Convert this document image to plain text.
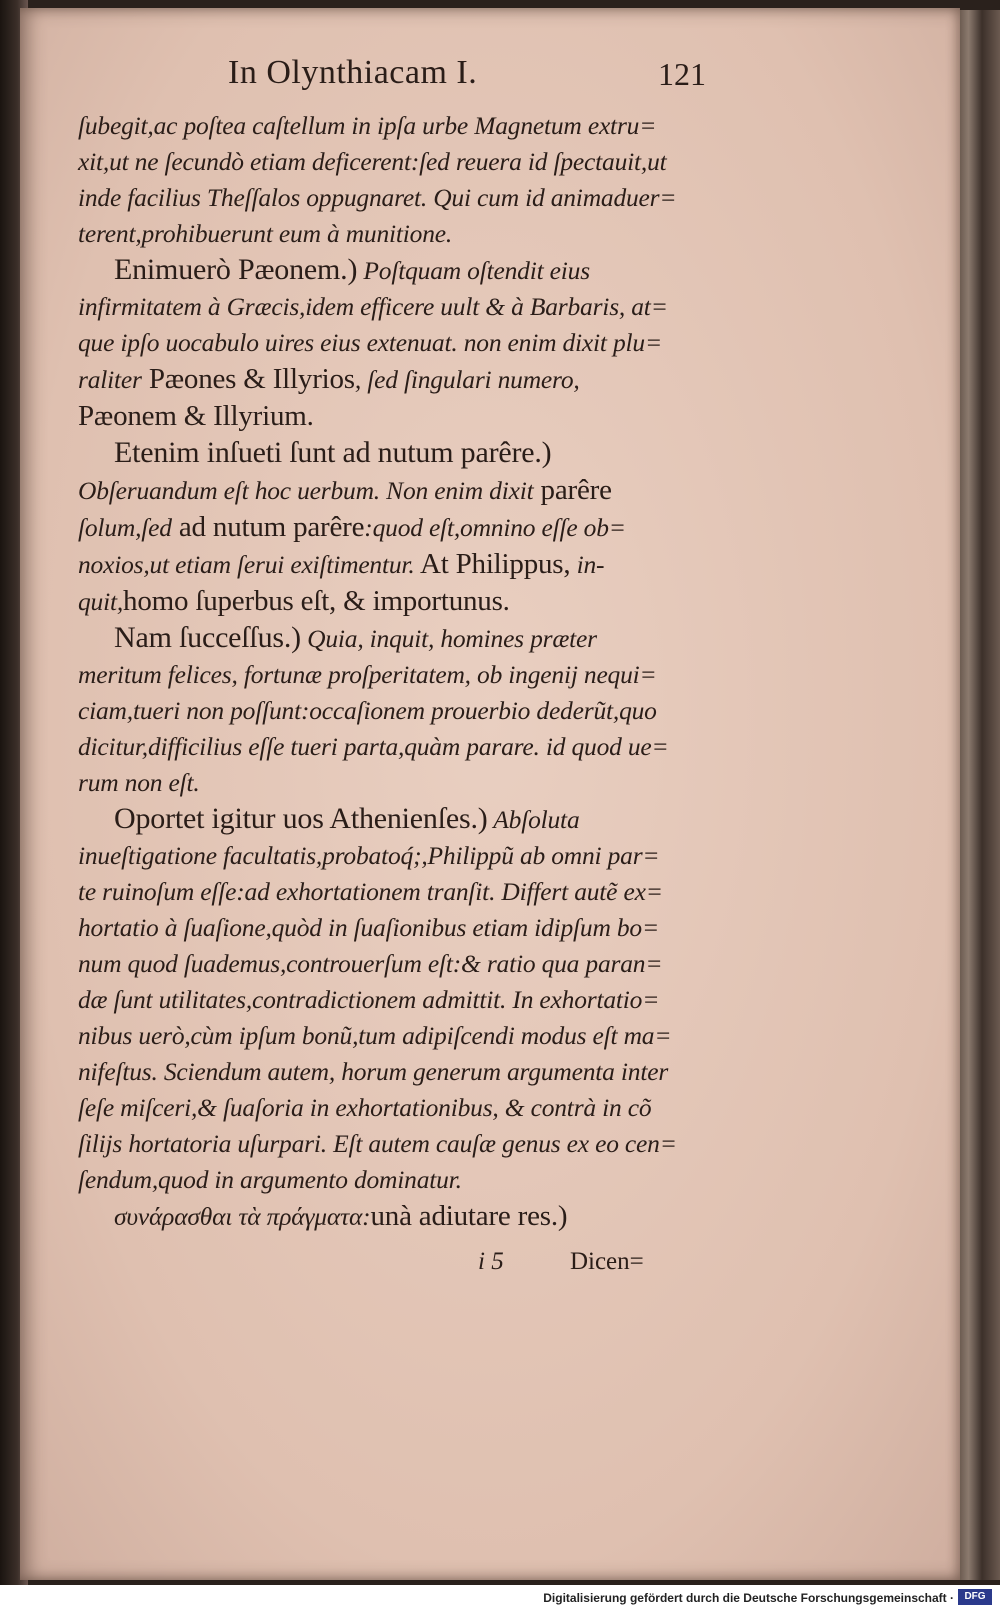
In Olynthiacam I.	121
ſubegit,ac poſtea caſtellum in ipſa urbe Magnetum extru=
xit,ut ne ſecundò etiam deficerent:ſed reuera id ſpectauit,ut
inde facilius Theſſalos oppugnaret. Qui cum id animaduer=
terent,prohibuerunt eum à munitione.
Enimuerò Pæonem.) Poſtquam oſtendit eius
infirmitatem à Græcis,idem efficere uult & à Barbaris, at=
que ipſo uocabulo uires eius extenuat. non enim dixit plu=
raliter Pæones & Illyrios, ſed ſingulari numero,
Pæonem & Illyrium.
Etenim inſueti ſunt ad nutum parêre.)
Obſeruandum eſt hoc uerbum. Non enim dixit parêre
ſolum,ſed ad nutum parêre:quod eſt,omnino eſſe ob=
noxios,ut etiam ſerui exiſtimentur. At Philippus, in-
quit,homo ſuperbus eſt, & importunus.
Nam ſucceſſus.) Quia, inquit, homines præter
meritum felices, fortunæ proſperitatem, ob ingenij nequi=
ciam,tueri non poſſunt:occaſionem prouerbio dederũt,quo
dicitur,difficilius eſſe tueri parta,quàm parare. id quod ue=
rum non eſt.
Oportet igitur uos Athenienſes.) Abſoluta
inueſtigatione facultatis,probatoq́;,Philippũ ab omni par=
te ruinoſum eſſe:ad exhortationem tranſit. Differt autẽ ex=
hortatio à ſuaſione,quòd in ſuaſionibus etiam idipſum bo=
num quod ſuademus,controuerſum eſt:& ratio qua paran=
dæ ſunt utilitates,contradictionem admittit. In exhortatio=
nibus uerò,cùm ipſum bonũ,tum adipiſcendi modus eſt ma=
nifeſtus. Sciendum autem, horum generum argumenta inter
ſeſe miſceri,& ſuaſoria in exhortationibus, & contrà in cõ
ſilijs hortatoria uſurpari. Eſt autem cauſæ genus ex eo cen=
ſendum,quod in argumento dominatur.
συνάρασθαι τὰ πράγματα:unà adiutare res.)
i 5	Dicen=
Digitalisierung gefördert durch die Deutsche Forschungsgemeinschaft ·	DFG
